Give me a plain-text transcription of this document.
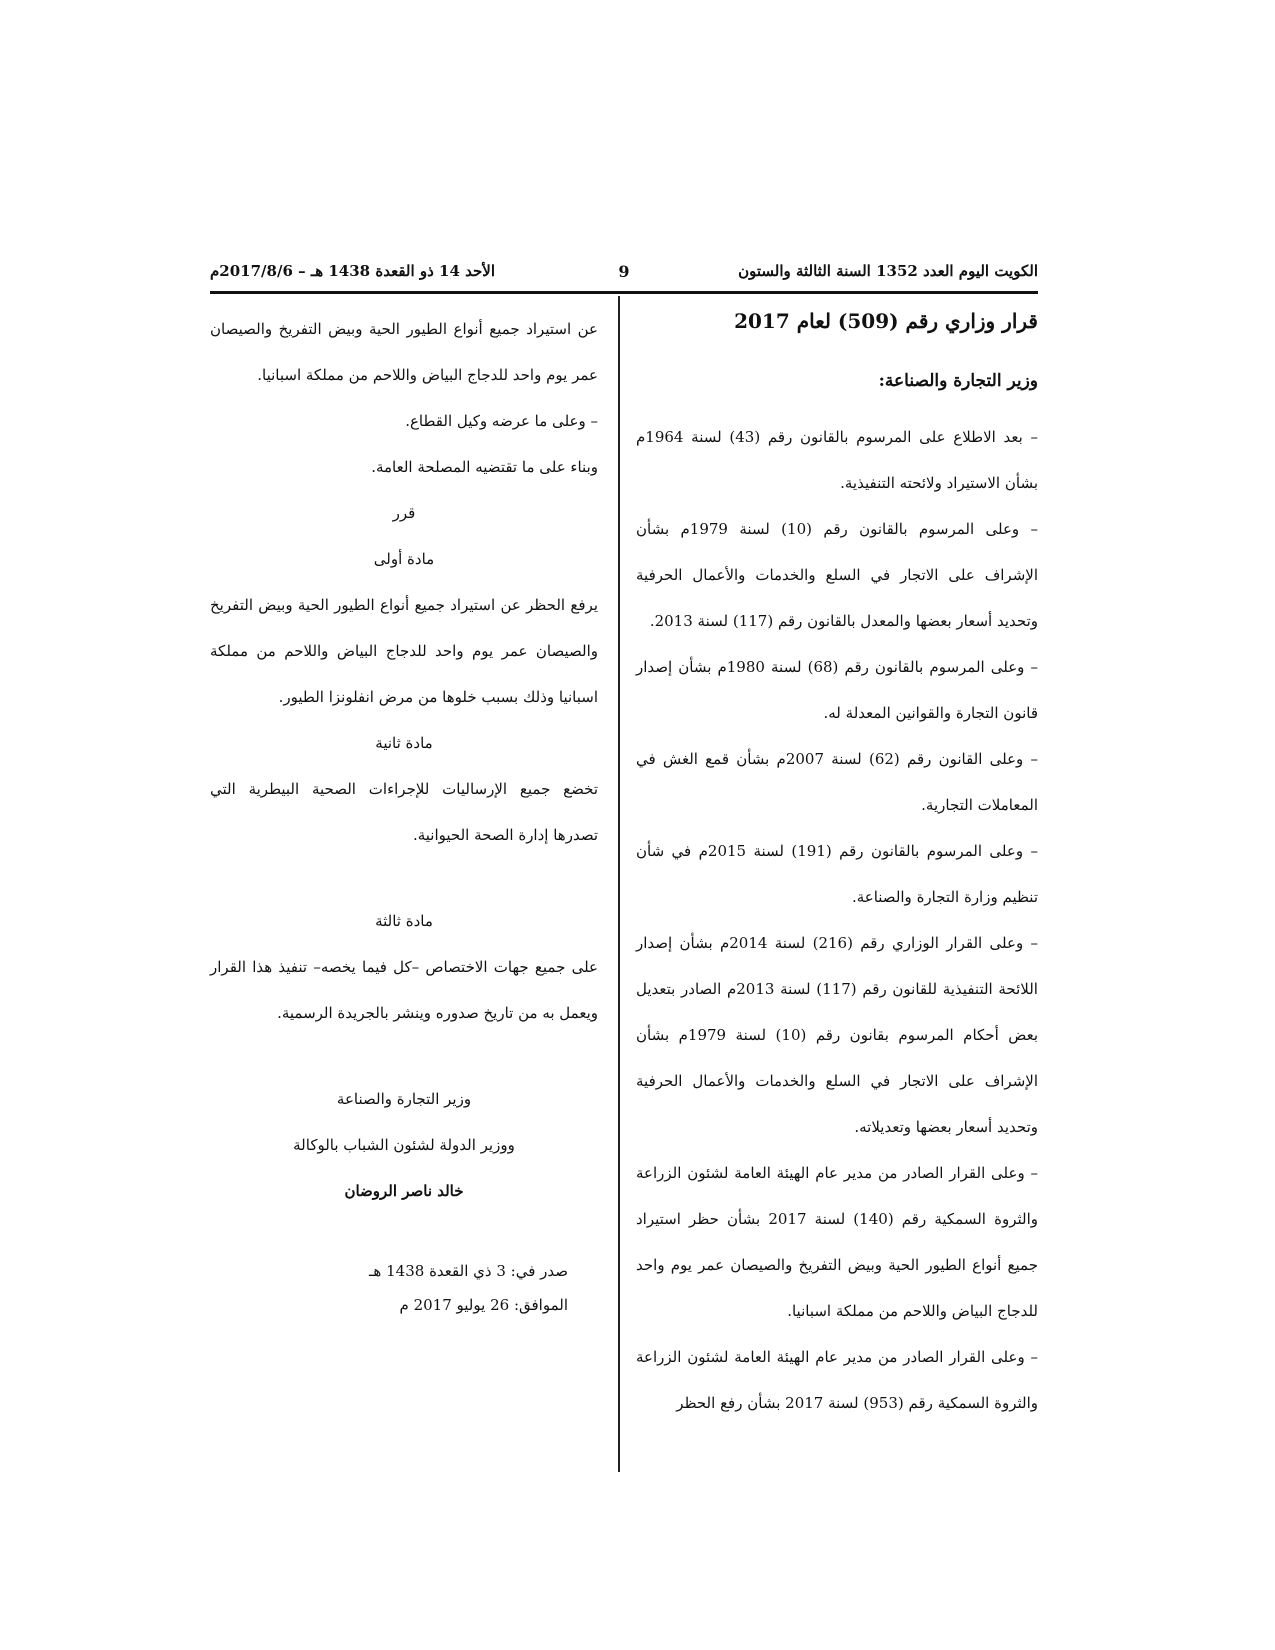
الكويت اليوم العدد 1352 السنة الثالثة والستون
9
الأحد 14 ذو القعدة 1438 هـ – 2017/8/6م
قرار وزاري رقم (509) لعام 2017
وزير التجارة والصناعة:

– بعد الاطلاع على المرسوم بالقانون رقم (43) لسنة 1964م بشأن الاستيراد ولائحته التنفيذية.

– وعلى المرسوم بالقانون رقم (10) لسنة 1979م بشأن الإشراف على الاتجار في السلع والخدمات والأعمال الحرفية وتحديد أسعار بعضها والمعدل بالقانون رقم (117) لسنة 2013.

– وعلى المرسوم بالقانون رقم (68) لسنة 1980م بشأن إصدار قانون التجارة والقوانين المعدلة له.

– وعلى القانون رقم (62) لسنة 2007م بشأن قمع الغش في المعاملات التجارية.

– وعلى المرسوم بالقانون رقم (191) لسنة 2015م في شأن تنظيم وزارة التجارة والصناعة.

– وعلى القرار الوزاري رقم (216) لسنة 2014م بشأن إصدار اللائحة التنفيذية للقانون رقم (117) لسنة 2013م الصادر بتعديل بعض أحكام المرسوم بقانون رقم (10) لسنة 1979م بشأن الإشراف على الاتجار في السلع والخدمات والأعمال الحرفية وتحديد أسعار بعضها وتعديلاته.

– وعلى القرار الصادر من مدير عام الهيئة العامة لشئون الزراعة والثروة السمكية رقم (140) لسنة 2017 بشأن حظر استيراد جميع أنواع الطيور الحية وبيض التفريخ والصيصان عمر يوم واحد للدجاج البياض واللاحم من مملكة اسبانيا.

– وعلى القرار الصادر من مدير عام الهيئة العامة لشئون الزراعة والثروة السمكية رقم (953) لسنة 2017 بشأن رفع الحظر

عن استيراد جميع أنواع الطيور الحية وبيض التفريخ والصيصان عمر يوم واحد للدجاج البياض واللاحم من مملكة اسبانيا.

– وعلى ما عرضه وكيل القطاع.

وبناء على ما تقتضيه المصلحة العامة.

قرر

مادة أولى

يرفع الحظر عن استيراد جميع أنواع الطيور الحية وبيض التفريخ والصيصان عمر يوم واحد للدجاج البياض واللاحم من مملكة اسبانيا وذلك بسبب خلوها من مرض انفلونزا الطيور.

مادة ثانية

تخضع جميع الإرساليات للإجراءات الصحية البيطرية التي تصدرها إدارة الصحة الحيوانية.

مادة ثالثة

على جميع جهات الاختصاص –كل فيما يخصه– تنفيذ هذا القرار ويعمل به من تاريخ صدوره وينشر بالجريدة الرسمية.

وزير التجارة والصناعة

ووزير الدولة لشئون الشباب بالوكالة

خالد ناصر الروضان

صدر في: 3 ذي القعدة 1438 هـ

الموافق: 26 يوليو 2017 م
